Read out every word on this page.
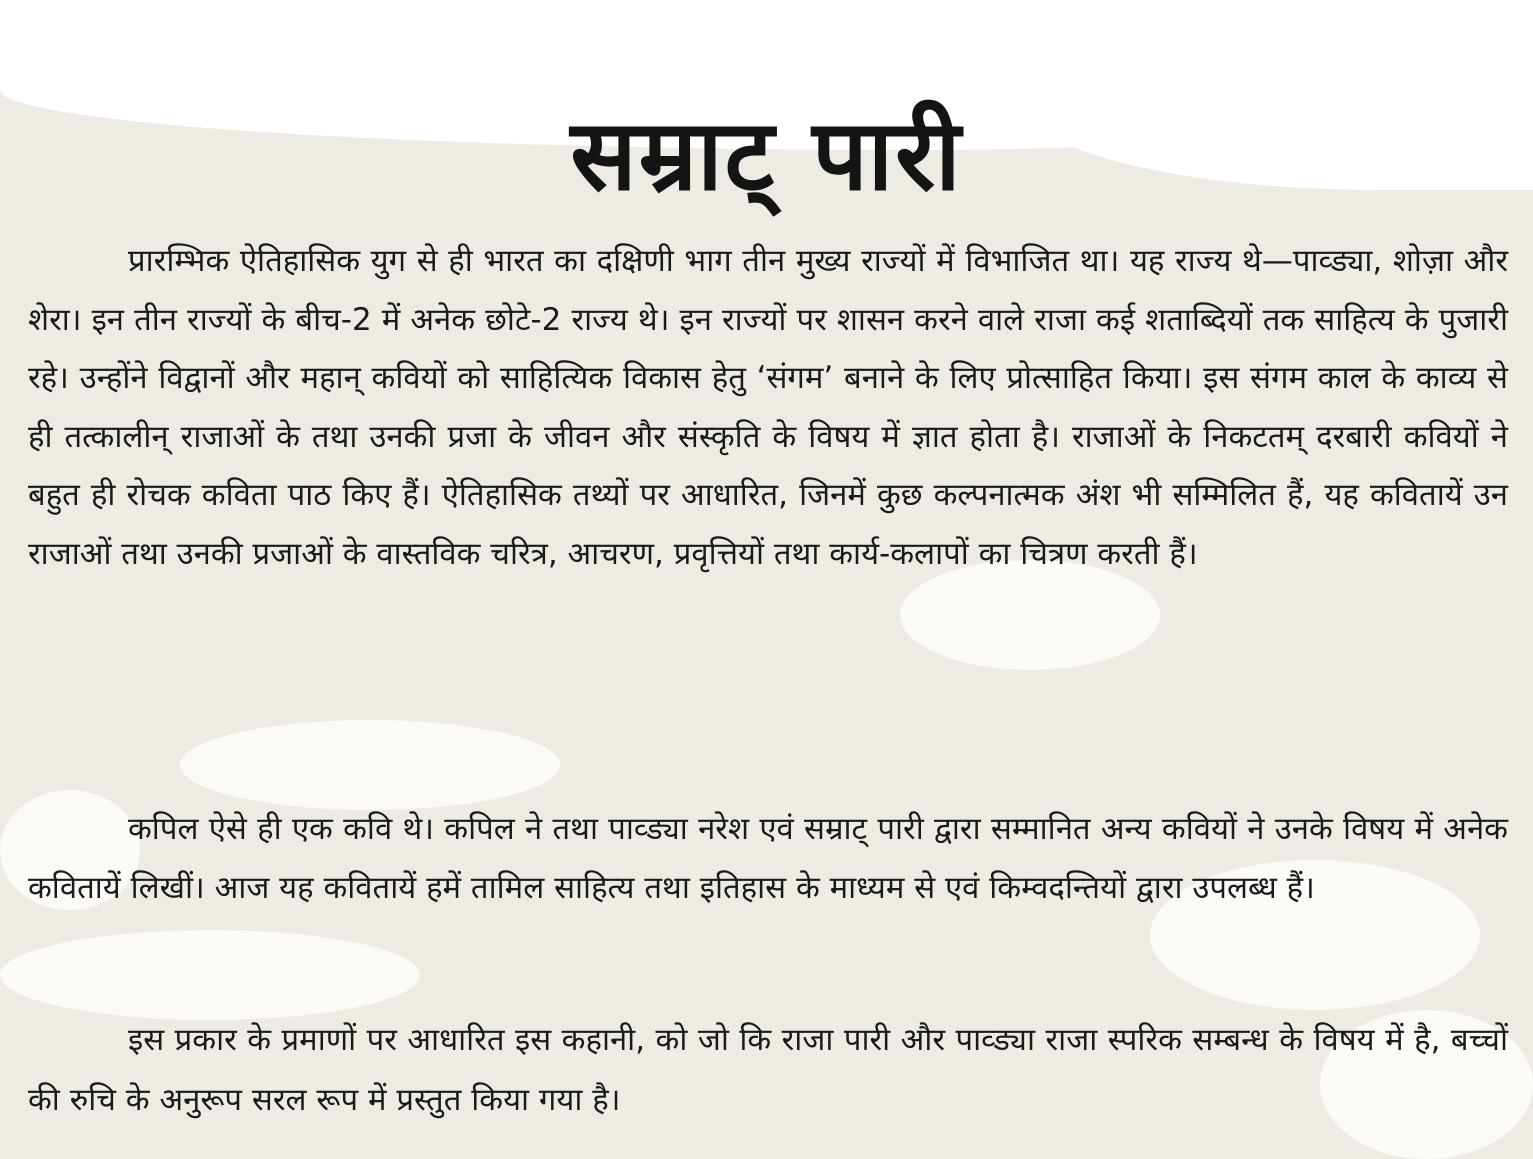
सम्राट् पारी

प्रारम्भिक ऐतिहासिक युग से ही भारत का दक्षिणी भाग तीन मुख्य राज्यों में विभाजित था। यह राज्य थे—पाव्ड्या, शोज़ा और शेरा। इन तीन राज्यों के बीच-2 में अनेक छोटे-2 राज्य थे। इन राज्यों पर शासन करने वाले राजा कई शताब्दियों तक साहित्य के पुजारी रहे। उन्होंने विद्वानों और महान् कवियों को साहित्यिक विकास हेतु ‘संगम’ बनाने के लिए प्रोत्साहित किया। इस संगम काल के काव्य से ही तत्कालीन् राजाओं के तथा उनकी प्रजा के जीवन और संस्कृति के विषय में ज्ञात होता है। राजाओं के निकटतम् दरबारी कवियों ने बहुत ही रोचक कविता पाठ किए हैं। ऐतिहासिक तथ्यों पर आधारित, जिनमें कुछ कल्पनात्मक अंश भी सम्मिलित हैं, यह कवितायें उन राजाओं तथा उनकी प्रजाओं के वास्तविक चरित्र, आचरण, प्रवृत्तियों तथा कार्य-कलापों का चित्रण करती हैं।

कपिल ऐसे ही एक कवि थे। कपिल ने तथा पाव्ड्या नरेश एवं सम्राट् पारी द्वारा सम्मानित अन्य कवियों ने उनके विषय में अनेक कवितायें लिखीं। आज यह कवितायें हमें तामिल साहित्य तथा इतिहास के माध्यम से एवं किम्वदन्तियों द्वारा उपलब्ध हैं।

इस प्रकार के प्रमाणों पर आधारित इस कहानी, को जो कि राजा पारी और पाव्ड्या राजा स्परिक सम्बन्ध के विषय में है, बच्चों की रुचि के अनुरूप सरल रूप में प्रस्तुत किया गया है।
